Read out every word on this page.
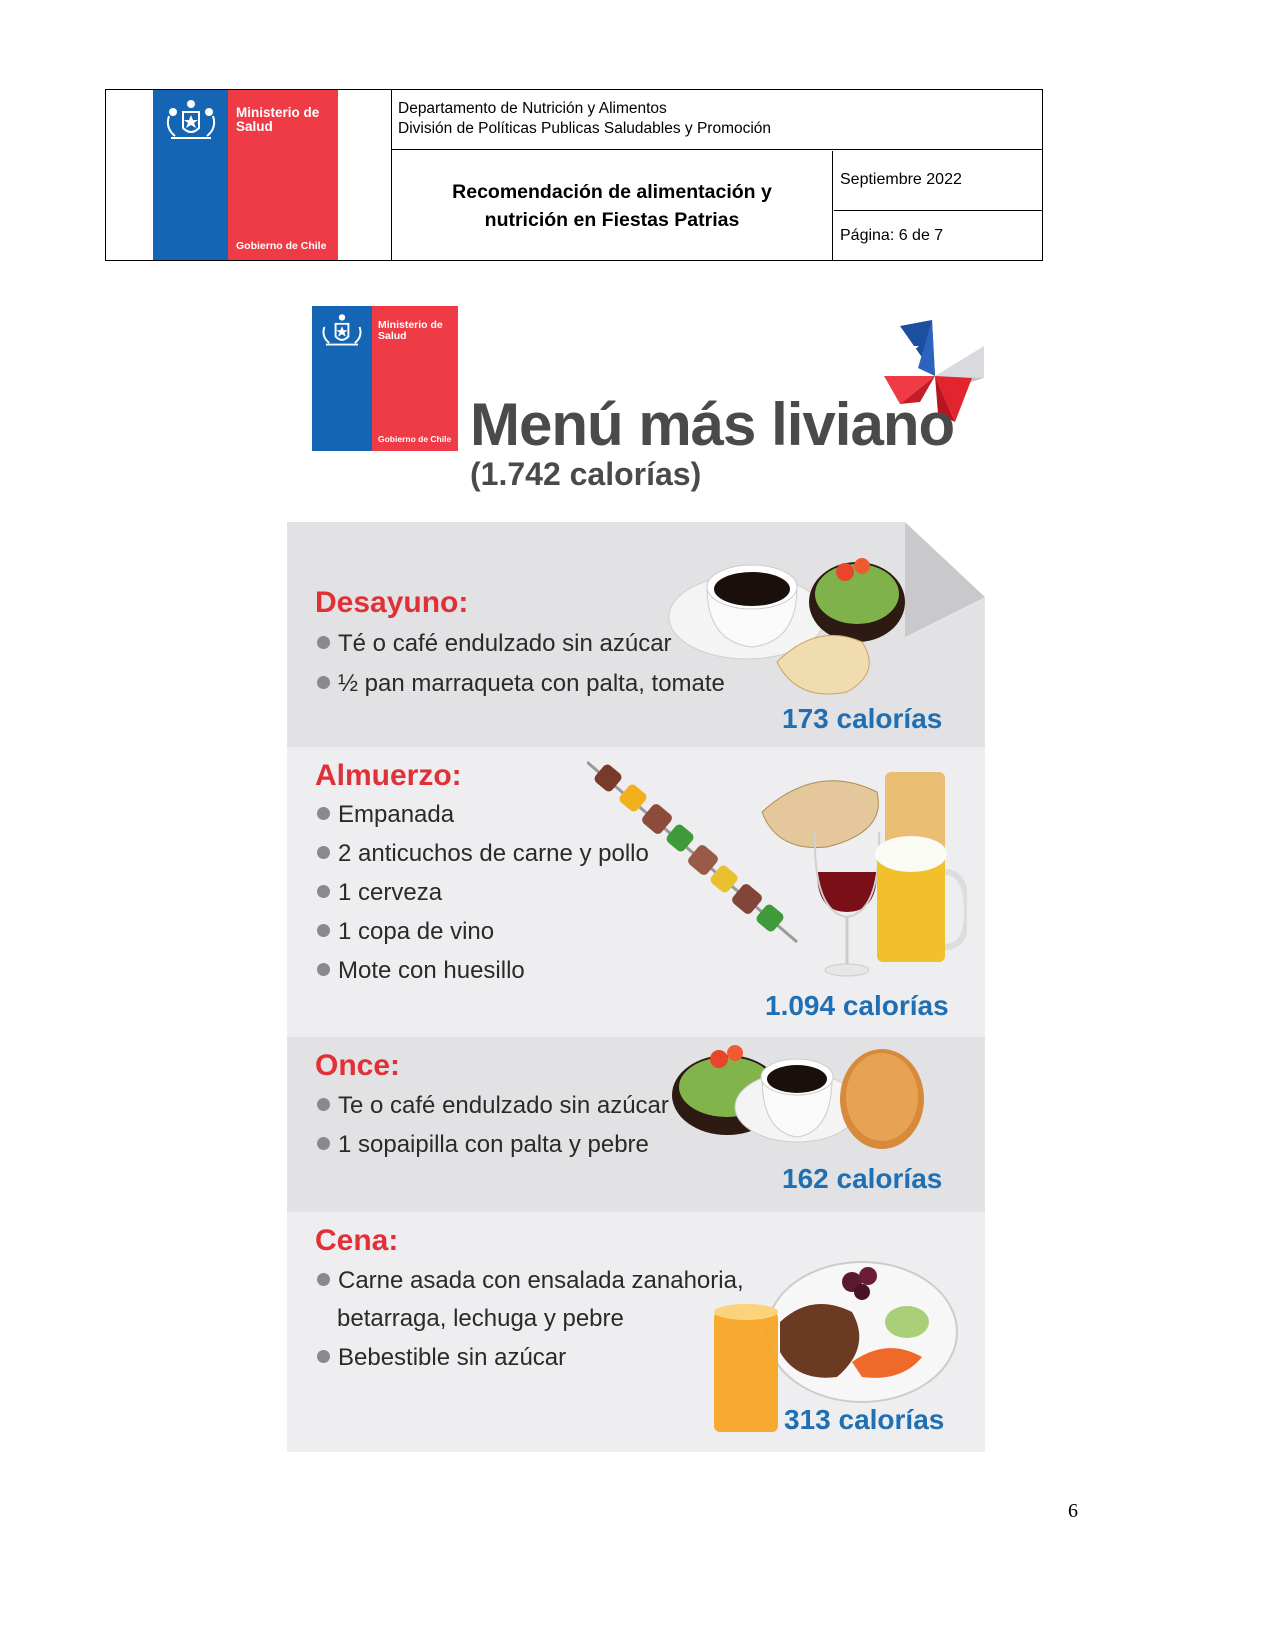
Ministerio de Salud
Gobierno de Chile
Departamento de Nutrición y Alimentos
División de Políticas Publicas Saludables y Promoción
Recomendación de alimentación y nutrición en Fiestas Patrias
Septiembre 2022
Página: 6 de 7
Ministerio de Salud
Gobierno de Chile Menú más liviano
(1.742 calorías)
Desayuno:
Té o café endulzado sin azúcar
½ pan marraqueta con palta, tomate
173 calorías
Almuerzo:
Empanada
2 anticuchos de carne y pollo
1 cerveza
1 copa de vino
Mote con huesillo
1.094 calorías
Once:
Te o café endulzado sin azúcar
1 sopaipilla con palta y pebre
162 calorías
Cena:
Carne asada con ensalada zanahoria,
betarraga, lechuga y pebre
Bebestible sin azúcar
313 calorías
6
